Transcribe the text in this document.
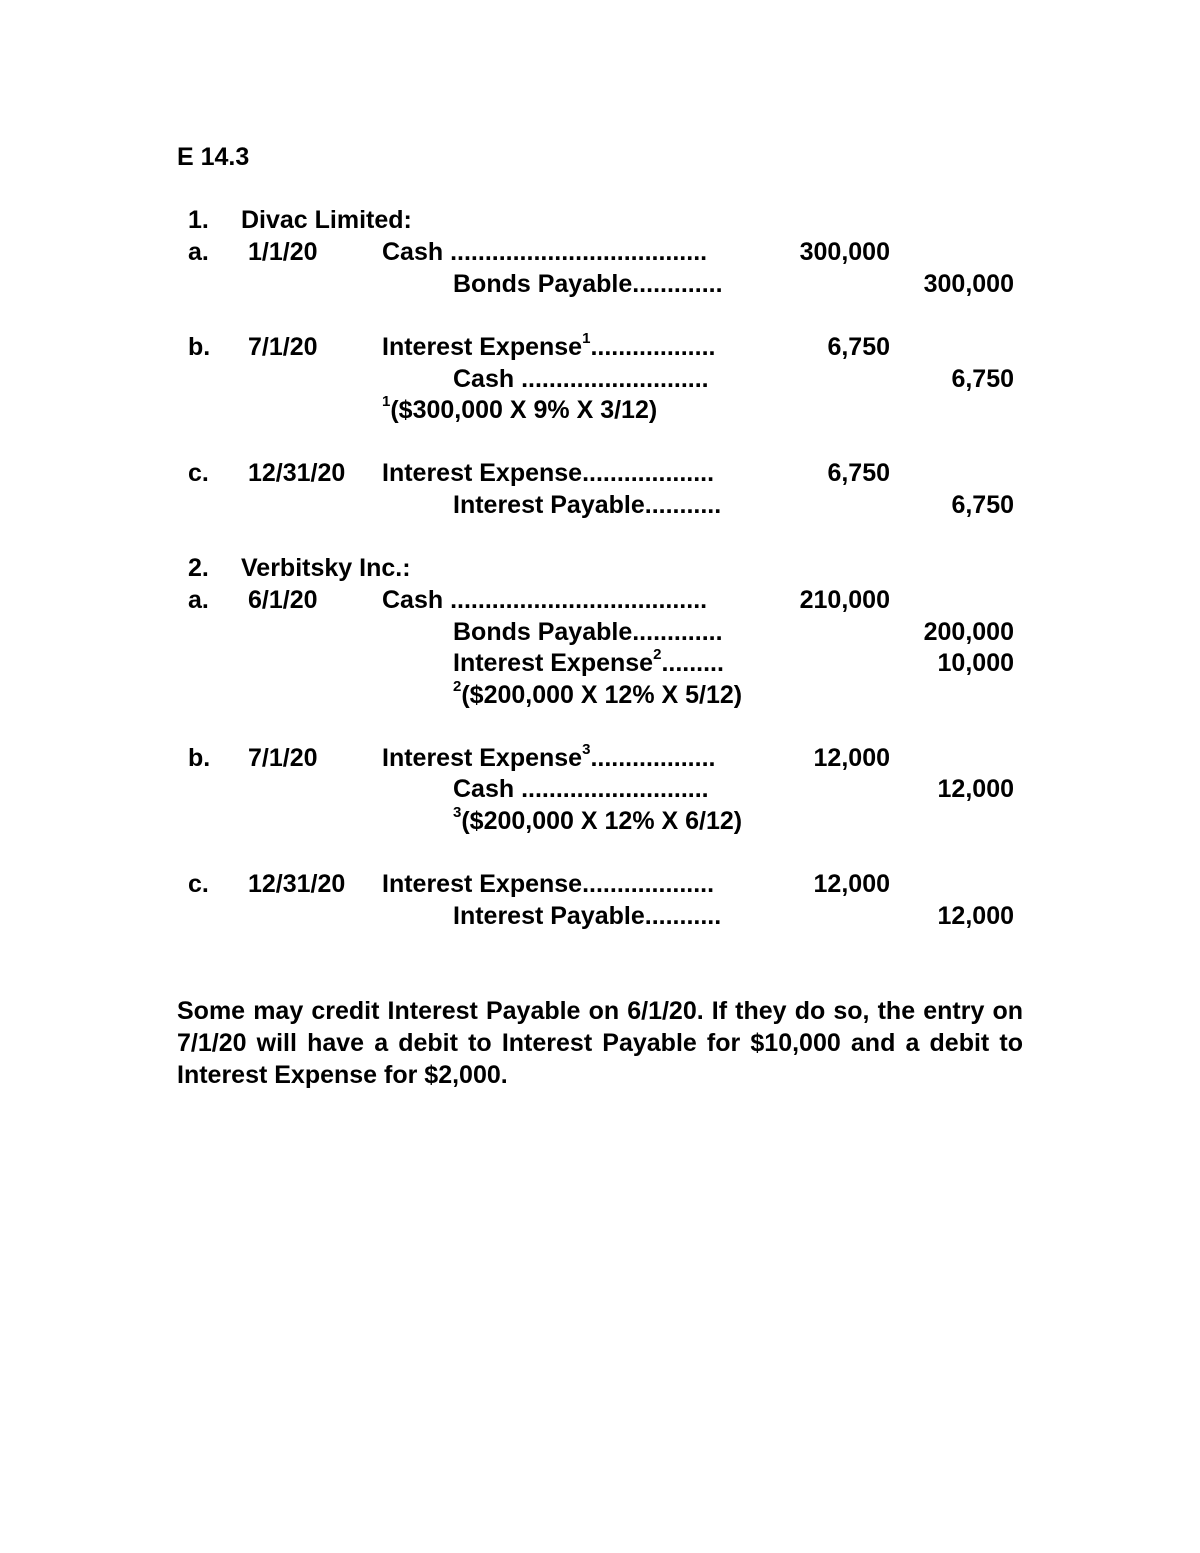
E 14.3
1. Divac Limited:
a. 1/1/20	Cash .....................................	300,000
Bonds Payable.............	300,000
b. 7/1/20	Interest Expense$^1$..................	6,750
Cash ...........................	6,750
$^1$($300,000 X 9% X 3/12)
c. 12/31/20 Interest Expense...................	6,750
Interest Payable...........	6,750
2. Verbitsky Inc.:
a. 6/1/20	Cash .....................................	210,000
Bonds Payable.............	200,000
Interest Expense$^2$.........	10,000
$^2$($200,000 X 12% X 5/12)
b. 7/1/20	Interest Expense$^3$..................	12,000
Cash ...........................	12,000
$^3$($200,000 X 12% X 6/12)
c. 12/31/20 Interest Expense...................	12,000
Interest Payable...........	12,000
Some may credit Interest Payable on 6/1/20. If they do so, the entry on 7/1/20 will have a debit to Interest Payable for $10,000 and a debit to Interest Expense for $2,000.
